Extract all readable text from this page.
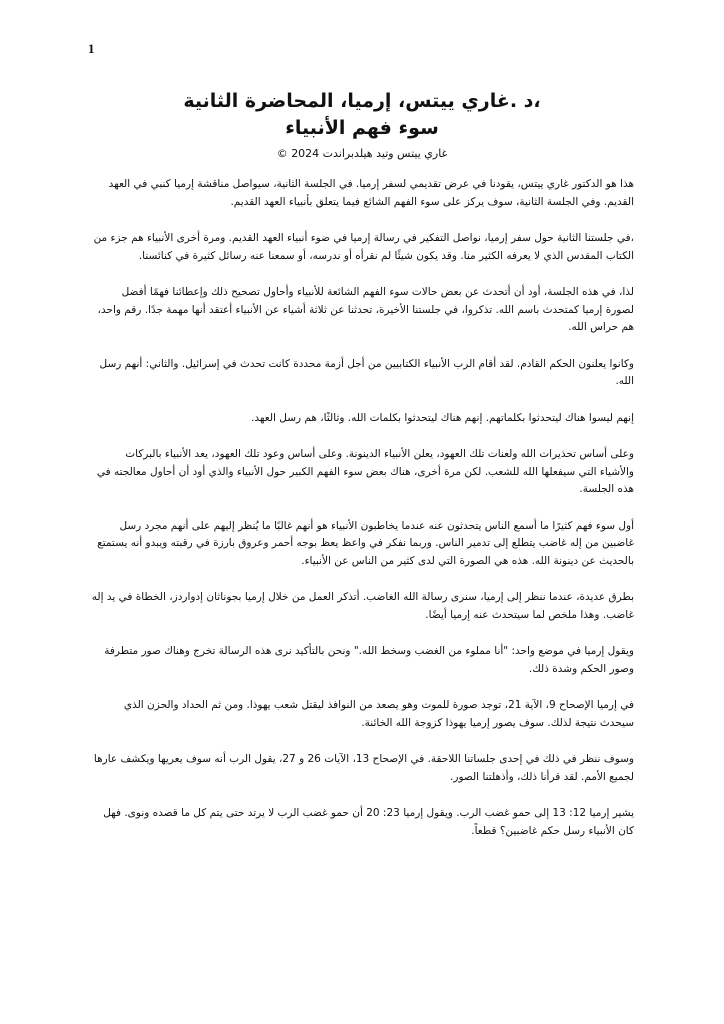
1
،د .غاري ييتس، إرميا، المحاضرة الثانية
سوء فهم الأنبياء
غاري ييتس وتيد هيلدبراندت 2024 ©

هذا هو الدكتور غاري ييتس، يقودنا في عرض تقديمي لسفر إرميا. في الجلسة الثانية، سيواصل مناقشة إرميا كنبي في العهد القديم. وفي الجلسة الثانية، سوف يركز على سوء الفهم الشائع فيما يتعلق بأنبياء العهد القديم.

،في جلستنا الثانية حول سفر إرميا، نواصل التفكير في رسالة إرميا في ضوء أنبياء العهد القديم. ومرة أخرى الأنبياء هم جزء من الكتاب المقدس الذي لا يعرفه الكثير منا. وقد يكون شيئًا لم نقرأه أو ندرسه، أو سمعنا عنه رسائل كثيرة في كنائسنا.

لذا، في هذه الجلسة، أود أن أتحدث عن بعض حالات سوء الفهم الشائعة للأنبياء وأحاول تصحيح ذلك وإعطائنا فهمًا أفضل لصورة إرميا كمتحدث باسم الله. تذكروا، في جلستنا الأخيرة، تحدثنا عن ثلاثة أشياء عن الأنبياء أعتقد أنها مهمة جدًا. رقم واحد، هم حراس الله.

وكانوا يعلنون الحكم القادم. لقد أقام الرب الأنبياء الكتابيين من أجل أزمة محددة كانت تحدث في إسرائيل. والثاني: أنهم رسل الله.

إنهم ليسوا هناك ليتحدثوا بكلماتهم. إنهم هناك ليتحدثوا بكلمات الله. وثالثًا، هم رسل العهد.

وعلى أساس تحذيرات الله ولعنات تلك العهود، يعلن الأنبياء الدينونة. وعلى أساس وعود تلك العهود، يعد الأنبياء بالبركات والأشياء التي سيفعلها الله للشعب. لكن مرة أخرى، هناك بعض سوء الفهم الكبير حول الأنبياء والذي أود أن أحاول معالجته في هذه الجلسة.

أول سوء فهم كثيرًا ما أسمع الناس يتحدثون عنه عندما يخاطبون الأنبياء هو أنهم غالبًا ما يُنظر إليهم على أنهم مجرد رسل غاضبين من إله غاضب يتطلع إلى تدمير الناس. وربما نفكر في واعظ يعظ بوجه أحمر وعروق بارزة في رقبته ويبدو أنه يستمتع بالحديث عن دينونة الله. هذه هي الصورة التي لدى كثير من الناس عن الأنبياء.

بطرق عديدة، عندما ننظر إلى إرميا، سنرى رسالة الله الغاضب. أتذكر العمل من خلال إرميا بجوناثان إدواردز، الخطاة في يد إله غاضب. وهذا ملخص لما سيتحدث عنه إرميا أيضًا.

ويقول إرميا في موضع واحد: "أنا مملوء من الغضب وسخط الله." ونحن بالتأكيد نرى هذه الرسالة تخرج وهناك صور متطرفة وصور الحكم وشدة ذلك.

في إرميا الإصحاح 9، الآية 21، توجد صورة للموت وهو يصعد من النوافذ ليقتل شعب يهوذا. ومن ثم الحداد والحزن الذي سيحدث نتيجة لذلك. سوف يصور إرميا يهوذا كزوجة الله الخائنة.

وسوف ننظر في ذلك في إحدى جلساتنا اللاحقة. في الإصحاح 13، الآيات 26 و 27، يقول الرب أنه سوف يعريها ويكشف عارها لجميع الأمم. لقد قرأنا ذلك، وأذهلتنا الصور.

يشير إرميا 12: 13 إلى حمو غضب الرب. ويقول إرميا 23: 20 أن حمو غضب الرب لا يرتد حتى يتم كل ما قصده ونوى. فهل كان الأنبياء رسل حكم غاضبين؟ قطعاً.
